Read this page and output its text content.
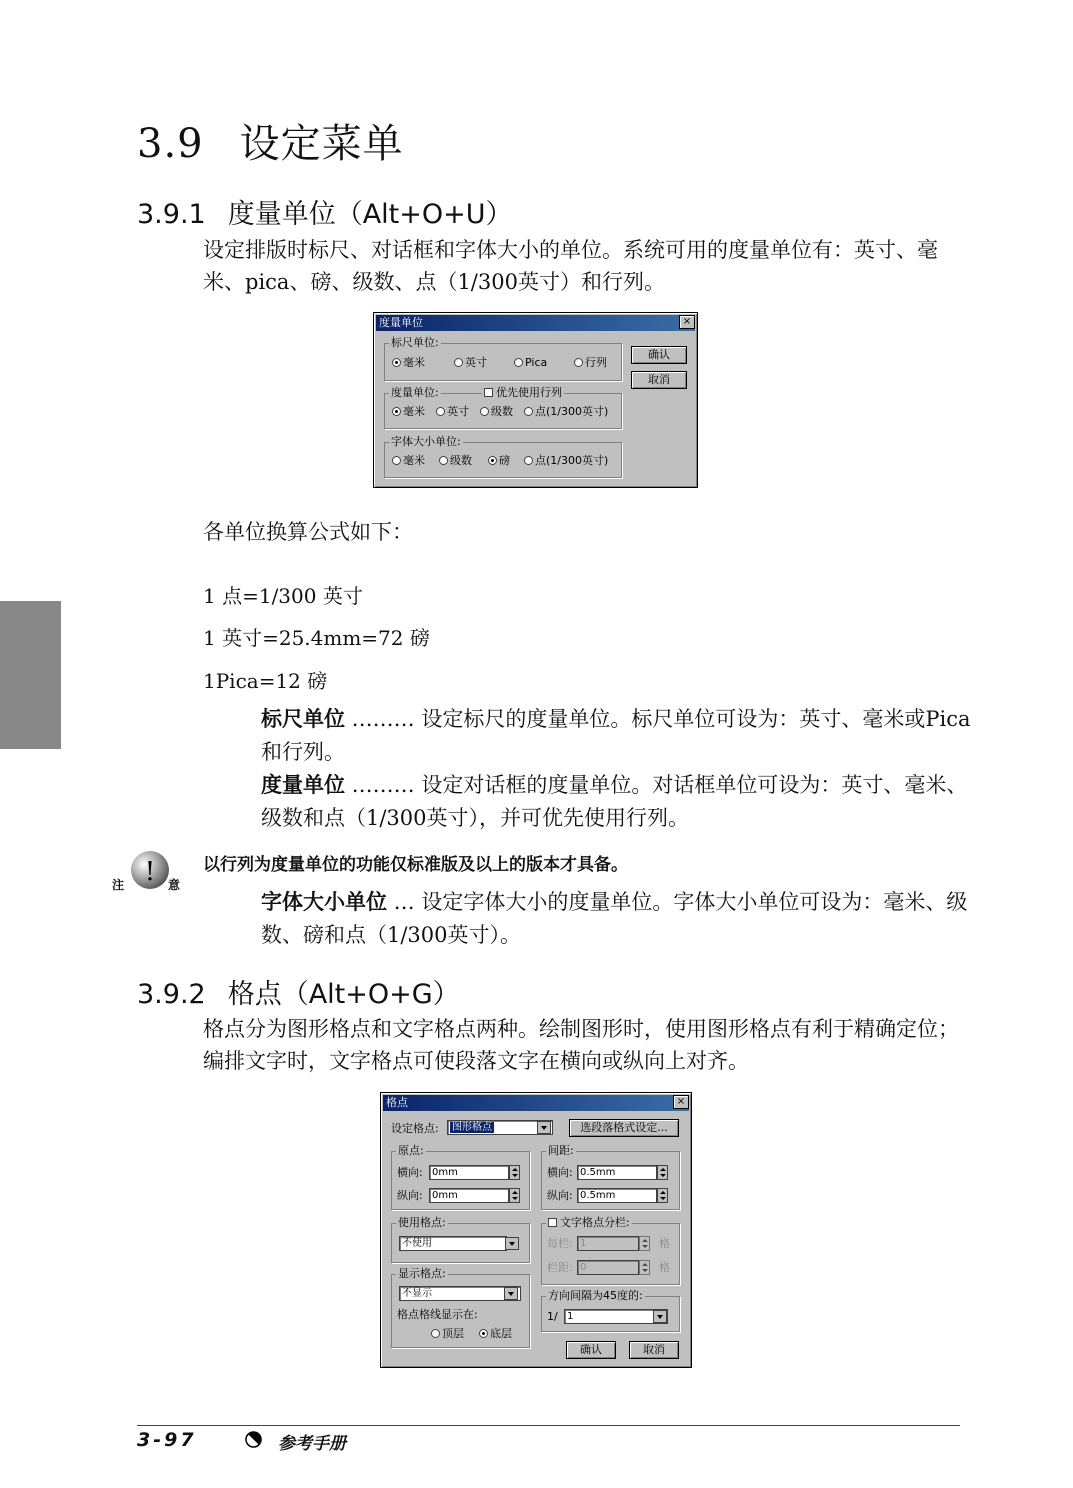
3.9 设定菜单
3.9.1 度量单位（Alt+O+U）
设定排版时标尺、对话框和字体大小的单位。系统可用的度量单位有：英寸、毫米、pica、磅、级数、点（1/300英寸）和行列。
度量单位	×
标尺单位:
毫米	英寸	Pica	行列
度量单位:	优先使用行列
毫米	英寸	级数	点(1/300英寸)
字体大小单位:
毫米	级数	磅	点(1/300英寸)
确认
取消
各单位换算公式如下：
1 点=1/300 英寸
1 英寸=25.4mm=72 磅
1Pica=12 磅
标尺单位 ……… 设定标尺的度量单位。标尺单位可设为：英寸、毫米或Pica 和行列。
度量单位 ……… 设定对话框的度量单位。对话框单位可设为：英寸、毫米、级数和点（1/300英寸），并可优先使用行列。
!
注	意
以行列为度量单位的功能仅标准版及以上的版本才具备。
字体大小单位 … 设定字体大小的度量单位。字体大小单位可设为：毫米、级数、磅和点（1/300英寸）。
3.9.2 格点（Alt+O+G）
格点分为图形格点和文字格点两种。绘制图形时，使用图形格点有利于精确定位；编排文字时，文字格点可使段落文字在横向或纵向上对齐。
格点	×
设定格点:	图形格点	选段落格式设定...
原点:
横向: 0mm
纵向: 0mm
间距:
横向: 0.5mm
纵向: 0.5mm
使用格点:
不使用
文字格点分栏:
每栏: 1	格
栏距: 0	格
显示格点:
不显示
格点格线显示在:
顶层	底层
方向间隔为45度的:
1/ 1
确认	取消
3-97	参考手册
